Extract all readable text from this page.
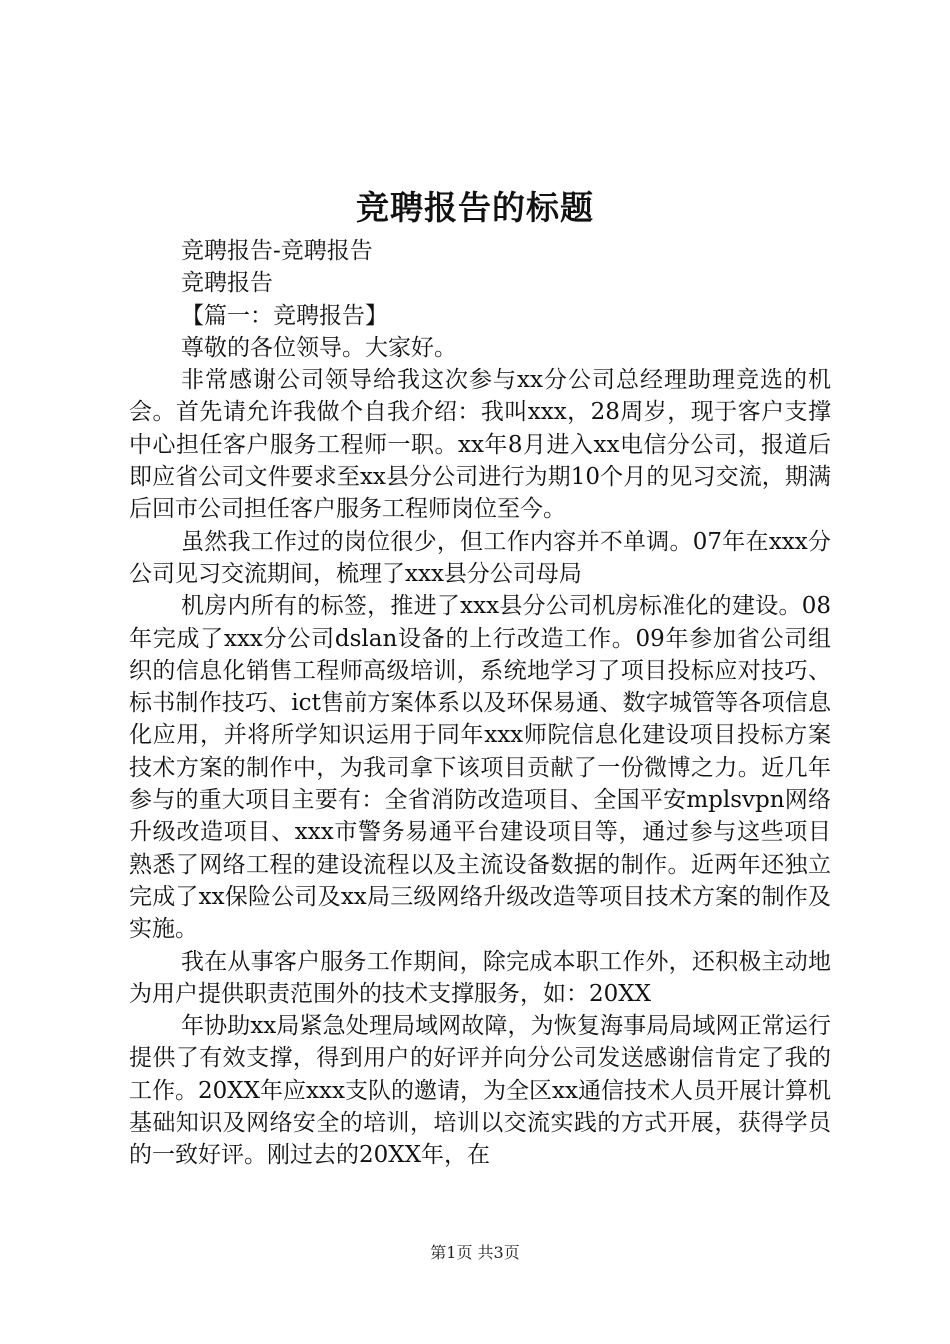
竞聘报告的标题

竞聘报告-竞聘报告

竞聘报告

【篇一：竞聘报告】

尊敬的各位领导。大家好。

非常感谢公司领导给我这次参与xx分公司总经理助理竞选的机会。首先请允许我做个自我介绍：我叫xxx，28周岁，现于客户支撑中心担任客户服务工程师一职。xx年8月进入xx电信分公司，报道后即应省公司文件要求至xx县分公司进行为期10个月的见习交流，期满后回市公司担任客户服务工程师岗位至今。

虽然我工作过的岗位很少，但工作内容并不单调。07年在xxx分公司见习交流期间，梳理了xxx县分公司母局

机房内所有的标签，推进了xxx县分公司机房标准化的建设。08年完成了xxx分公司dslan设备的上行改造工作。09年参加省公司组织的信息化销售工程师高级培训，系统地学习了项目投标应对技巧、标书制作技巧、ict售前方案体系以及环保易通、数字城管等各项信息化应用，并将所学知识运用于同年xxx师院信息化建设项目投标方案技术方案的制作中，为我司拿下该项目贡献了一份微博之力。近几年参与的重大项目主要有：全省消防改造项目、全国平安mplsvpn网络升级改造项目、xxx市警务易通平台建设项目等，通过参与这些项目熟悉了网络工程的建设流程以及主流设备数据的制作。近两年还独立完成了xx保险公司及xx局三级网络升级改造等项目技术方案的制作及实施。

我在从事客户服务工作期间，除完成本职工作外，还积极主动地为用户提供职责范围外的技术支撑服务，如：20XX

年协助xx局紧急处理局域网故障，为恢复海事局局域网正常运行提供了有效支撑，得到用户的好评并向分公司发送感谢信肯定了我的工作。20XX年应xxx支队的邀请，为全区xx通信技术人员开展计算机基础知识及网络安全的培训，培训以交流实践的方式开展，获得学员的一致好评。刚过去的20XX年，在

第1页 共3页
